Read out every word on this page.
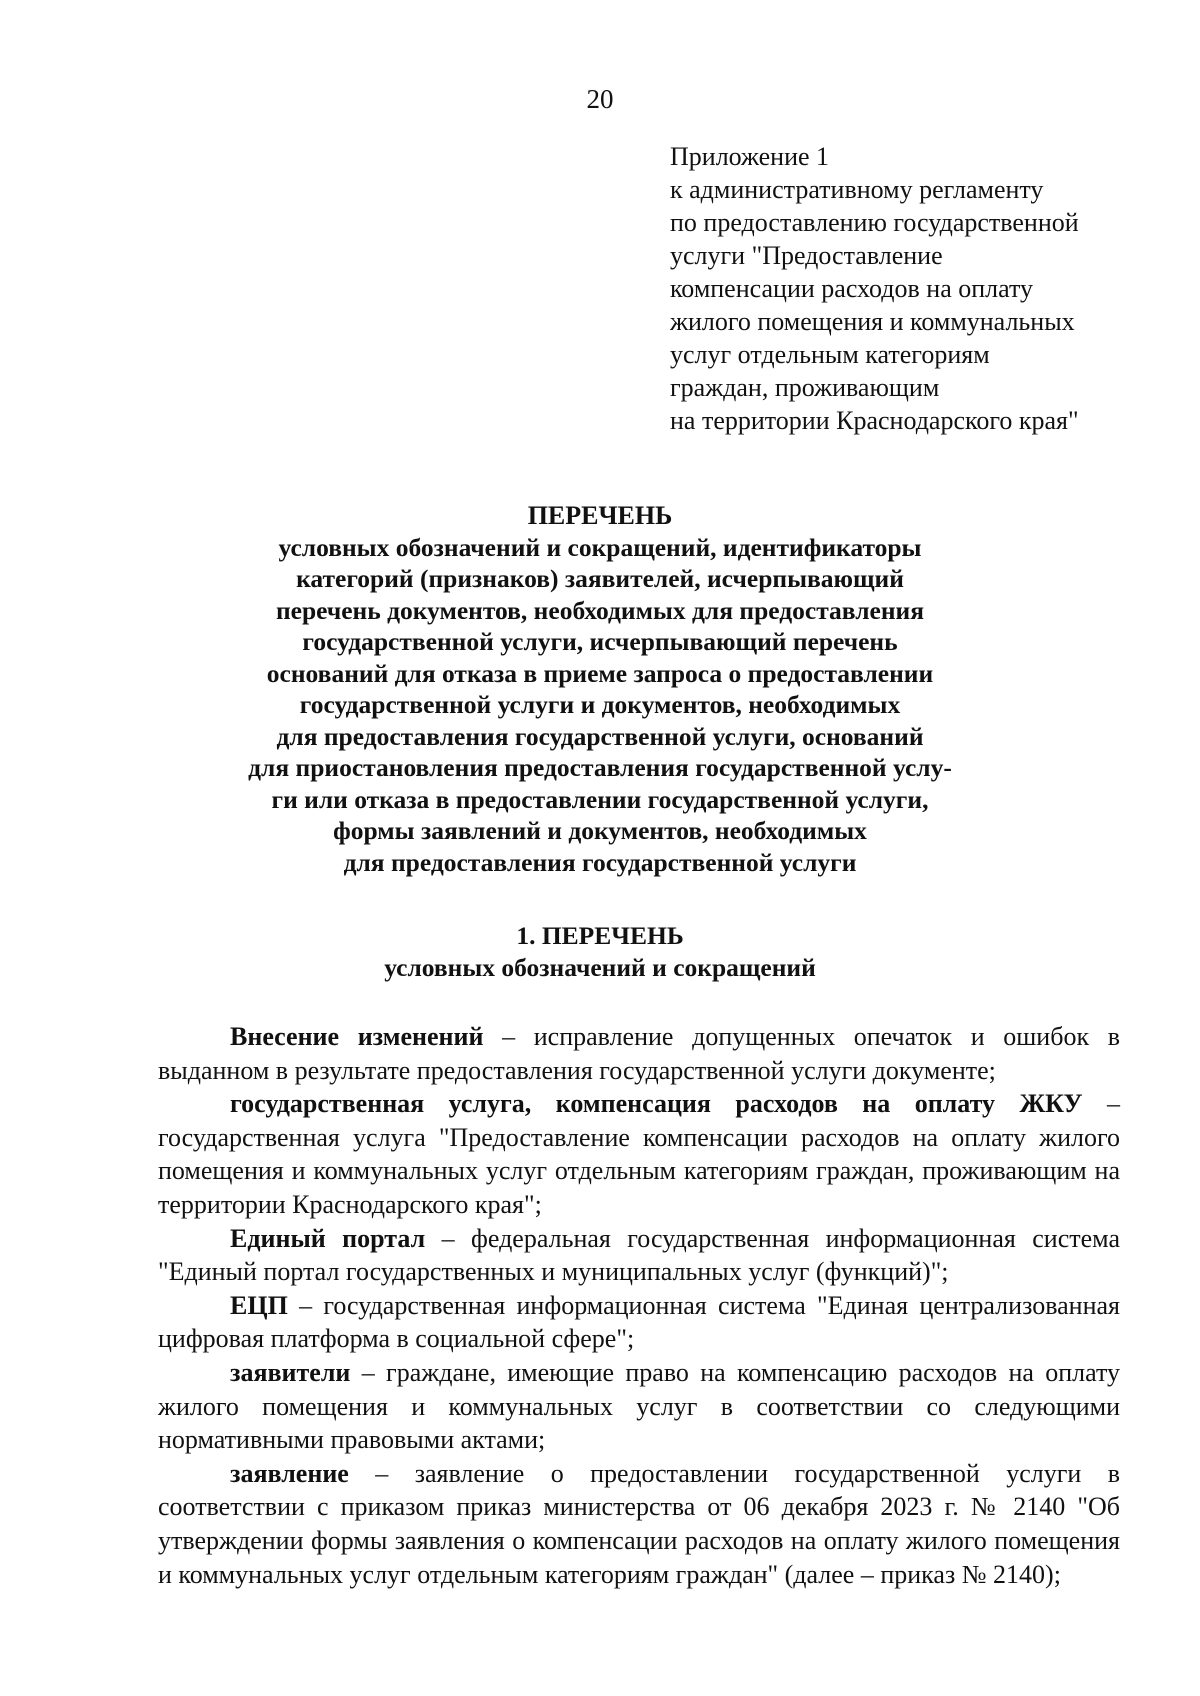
20
Приложение 1
к административному регламенту
по предоставлению государственной
услуги "Предоставление
компенсации расходов на оплату
жилого помещения и коммунальных
услуг отдельным категориям
граждан, проживающим
на территории Краснодарского края"
ПЕРЕЧЕНЬ
условных обозначений и сокращений, идентификаторы
категорий (признаков) заявителей, исчерпывающий
перечень документов, необходимых для предоставления
государственной услуги, исчерпывающий перечень
оснований для отказа в приеме запроса о предоставлении
государственной услуги и документов, необходимых
для предоставления государственной услуги, оснований
для приостановления предоставления государственной услу-
ги или отказа в предоставлении государственной услуги,
формы заявлений и документов, необходимых
для предоставления государственной услуги
1. ПЕРЕЧЕНЬ
условных обозначений и сокращений

Внесение изменений – исправление допущенных опечаток и ошибок в выданном в результате предоставления государственной услуги документе;

государственная услуга, компенсация расходов на оплату ЖКУ – государственная услуга "Предоставление компенсации расходов на оплату жилого помещения и коммунальных услуг отдельным категориям граждан, проживающим на территории Краснодарского края";

Единый портал – федеральная государственная информационная система "Единый портал государственных и муниципальных услуг (функций)";

ЕЦП – государственная информационная система "Единая централизованная цифровая платформа в социальной сфере";

заявители – граждане, имеющие право на компенсацию расходов на оплату жилого помещения и коммунальных услуг в соответствии со следующими нормативными правовыми актами;

заявление – заявление о предоставлении государственной услуги в соответствии с приказом приказ министерства от 06 декабря 2023 г. № 2140 "Об утверждении формы заявления о компенсации расходов на оплату жилого помещения и коммунальных услуг отдельным категориям граждан" (далее – приказ № 2140);
